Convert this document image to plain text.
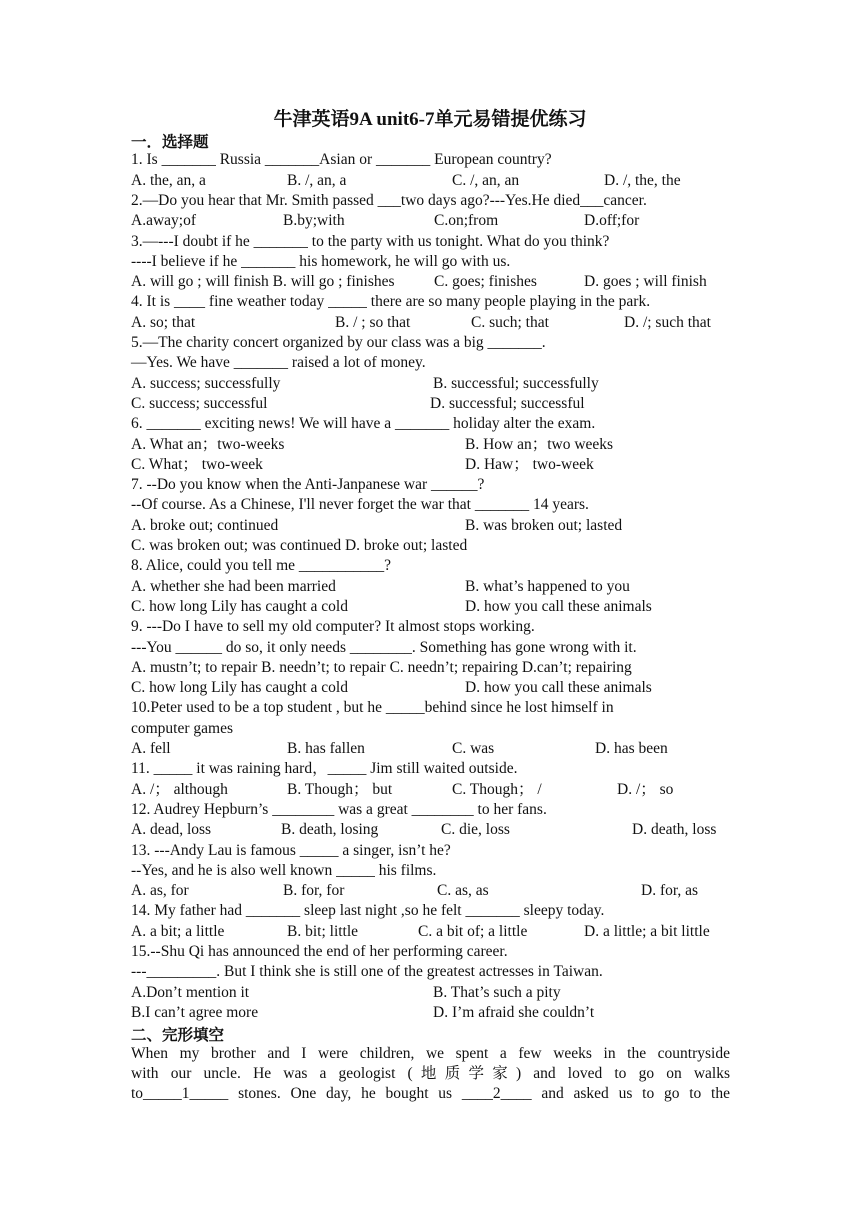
牛津英语9A unit6-7单元易错提优练习
一．选择题
1. Is _______ Russia _______Asian or _______ European country?
A. the, an, a	B. /, an, a	C. /, an, an	D. /, the, the
2.—Do you hear that Mr. Smith passed ___two days ago?---Yes.He died___cancer.
A.away;of	B.by;with	C.on;from	D.off;for
3.—---I doubt if he _______ to the party with us tonight. What do you think?
----I believe if he _______ his homework, he will go with us.
A. will go ; will finish B. will go ; finishes	C. goes; finishes	D. goes ; will finish
4. It is ____ fine weather today _____ there are so many people playing in the park.
A. so; that	B. / ; so that	C. such; that	D. /; such that
5.—The charity concert organized by our class was a big _______.
—Yes. We have _______ raised a lot of money.
A. success; successfully	B. successful; successfully
C. success; successful	D. successful; successful
6. _______ exciting news! We will have a _______ holiday alter the exam.
A. What an；two-weeks	B. How an；two weeks
C. What； two-week	D. Haw； two-week
7. --Do you know when the Anti-Janpanese war ______?
--Of course. As a Chinese, I'll never forget the war that _______ 14 years.
A. broke out; continued	B. was broken out; lasted
C. was broken out; was continued D. broke out; lasted
8. Alice, could you tell me ___________?
A. whether she had been married	B. what’s happened to you
C. how long Lily has caught a cold	D. how you call these animals
9. ---Do I have to sell my old computer? It almost stops working.
---You ______ do so, it only needs ________. Something has gone wrong with it.
A. mustn’t; to repair B. needn’t; to repair C. needn’t; repairing D.can’t; repairing
C. how long Lily has caught a cold	D. how you call these animals
10.Peter used to be a top student , but he _____behind since he lost himself in
computer games
A. fell	B. has fallen	C. was	D. has been
11. _____ it was raining hard，_____ Jim still waited outside.
A. /； although	B. Though； but	C. Though； /	D. /； so
12. Audrey Hepburn’s ________ was a great ________ to her fans.
A. dead, loss	B. death, losing	C. die, loss	D. death, loss
13. ---Andy Lau is famous _____ a singer, isn’t he?
--Yes, and he is also well known _____ his films.
A. as, for	B. for, for	C. as, as	D. for, as
14. My father had _______ sleep last night ,so he felt _______ sleepy today.
A. a bit; a little	B. bit; little	C. a bit of; a little	D. a little; a bit little
15.--Shu Qi has announced the end of her performing career.
---_________. But I think she is still one of the greatest actresses in Taiwan.
A.Don’t mention it	B. That’s such a pity
B.I can’t agree more	D. I’m afraid she couldn’t
二、完形填空
When my brother and I were children, we spent a few weeks in the countryside
with our uncle. He was a geologist (地质学家) and loved to go on walks
to_____1_____ stones. One day, he bought us ____2____ and asked us to go to the
